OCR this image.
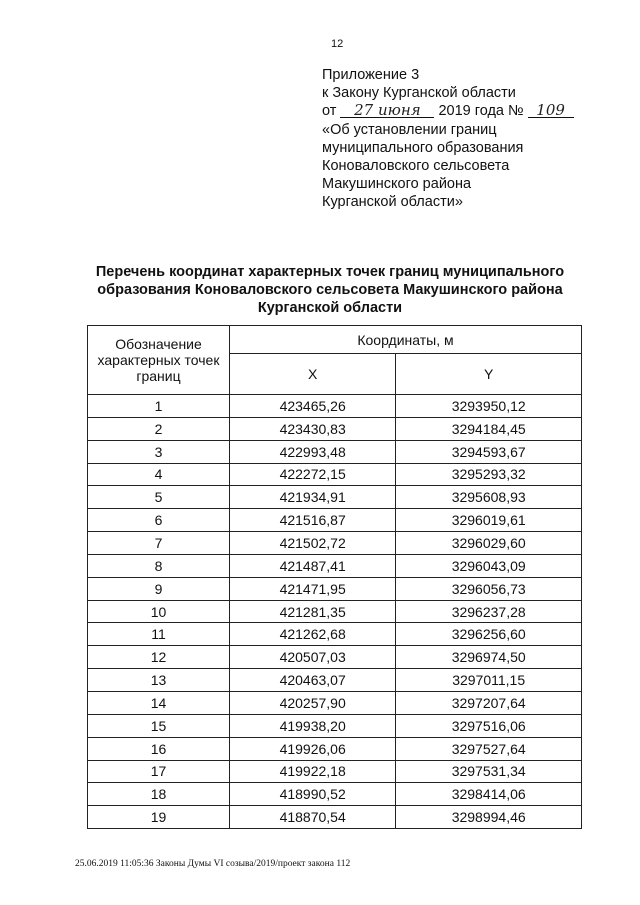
12
Приложение 3
к Закону Курганской области
от 27 июня 2019 года № 109
«Об установлении границ
муниципального образования
Коноваловского сельсовета
Макушинского района
Курганской области»
Перечень координат характерных точек границ муниципального
образования Коноваловского сельсовета Макушинского района
Курганской области
Обозначение характерных точек границ	Координаты, м	
	X	Y
1	423465,26	3293950,12
2	423430,83	3294184,45
3	422993,48	3294593,67
4	422272,15	3295293,32
5	421934,91	3295608,93
6	421516,87	3296019,61
7	421502,72	3296029,60
8	421487,41	3296043,09
9	421471,95	3296056,73
10	421281,35	3296237,28
11	421262,68	3296256,60
12	420507,03	3296974,50
13	420463,07	3297011,15
14	420257,90	3297207,64
15	419938,20	3297516,06
16	419926,06	3297527,64
17	419922,18	3297531,34
18	418990,52	3298414,06
19	418870,54	3298994,46
25.06.2019 11:05:36 Законы Думы VI созыва/2019/проект закона 112
